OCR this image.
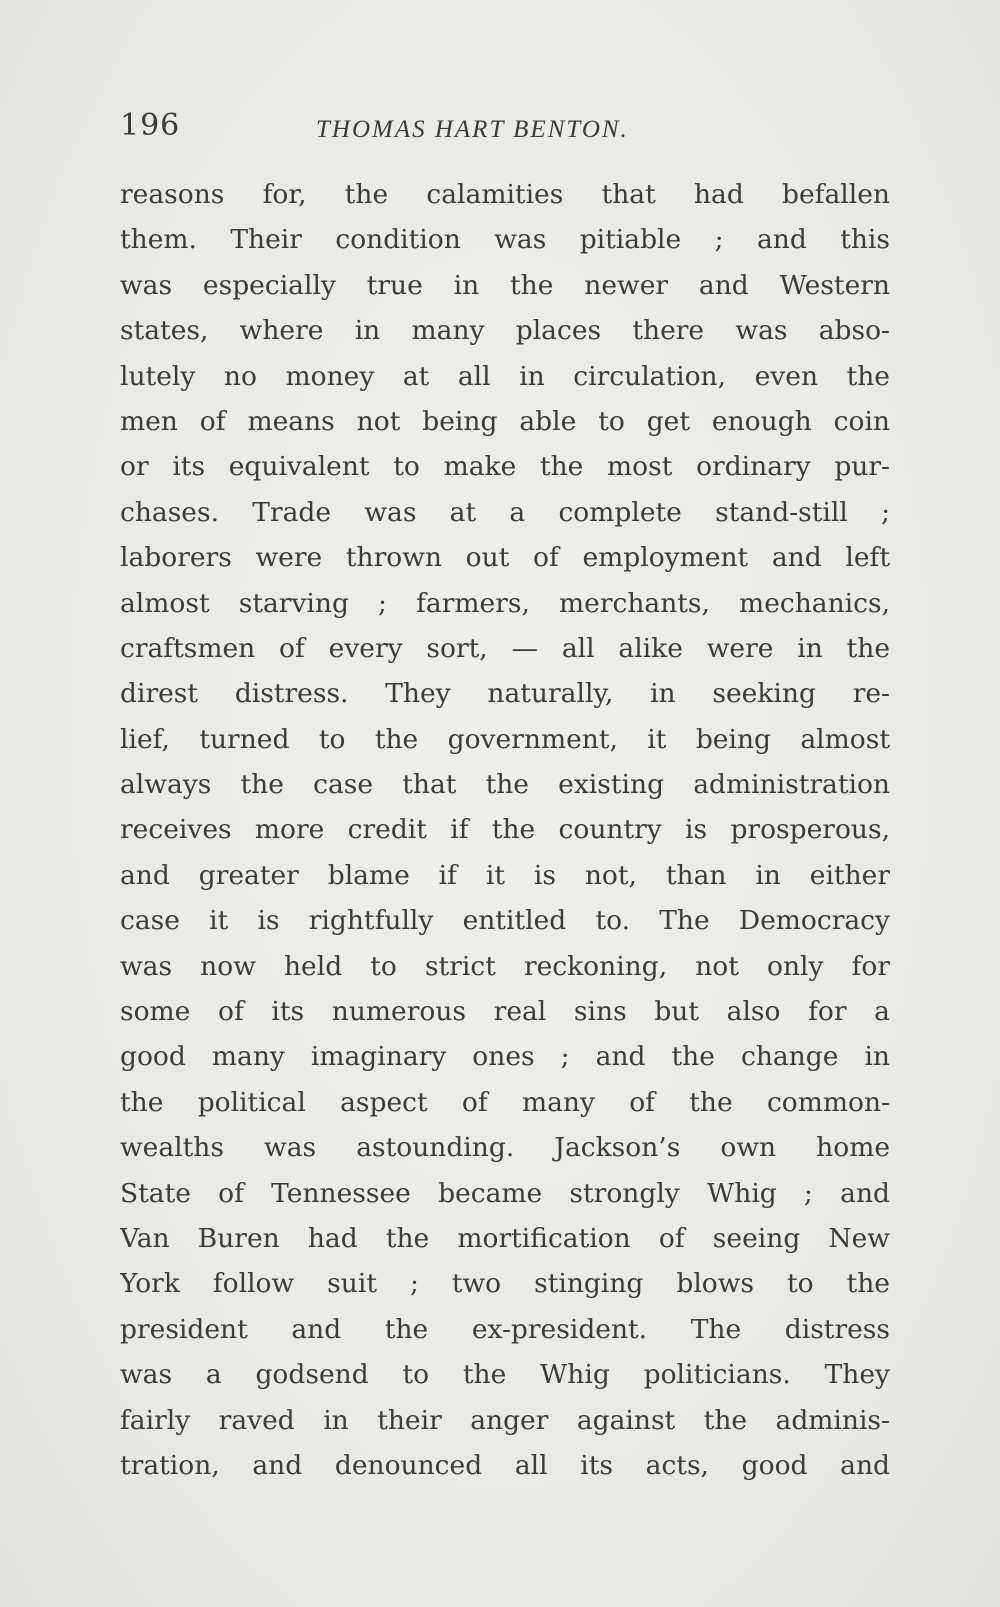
196	THOMAS HART BENTON.
reasons for, the calamities that had befallen
them. Their condition was pitiable ; and this
was especially true in the newer and Western
states, where in many places there was abso-
lutely no money at all in circulation, even the
men of means not being able to get enough coin
or its equivalent to make the most ordinary pur-
chases. Trade was at a complete stand-still ;
laborers were thrown out of employment and left
almost starving ; farmers, merchants, mechanics,
craftsmen of every sort, — all alike were in the
direst distress. They naturally, in seeking re-
lief, turned to the government, it being almost
always the case that the existing administration
receives more credit if the country is prosperous,
and greater blame if it is not, than in either
case it is rightfully entitled to. The Democracy
was now held to strict reckoning, not only for
some of its numerous real sins but also for a
good many imaginary ones ; and the change in
the political aspect of many of the common-
wealths was astounding. Jackson’s own home
State of Tennessee became strongly Whig ; and
Van Buren had the mortification of seeing New
York follow suit ; two stinging blows to the
president and the ex-president. The distress
was a godsend to the Whig politicians. They
fairly raved in their anger against the adminis-
tration, and denounced all its acts, good and
